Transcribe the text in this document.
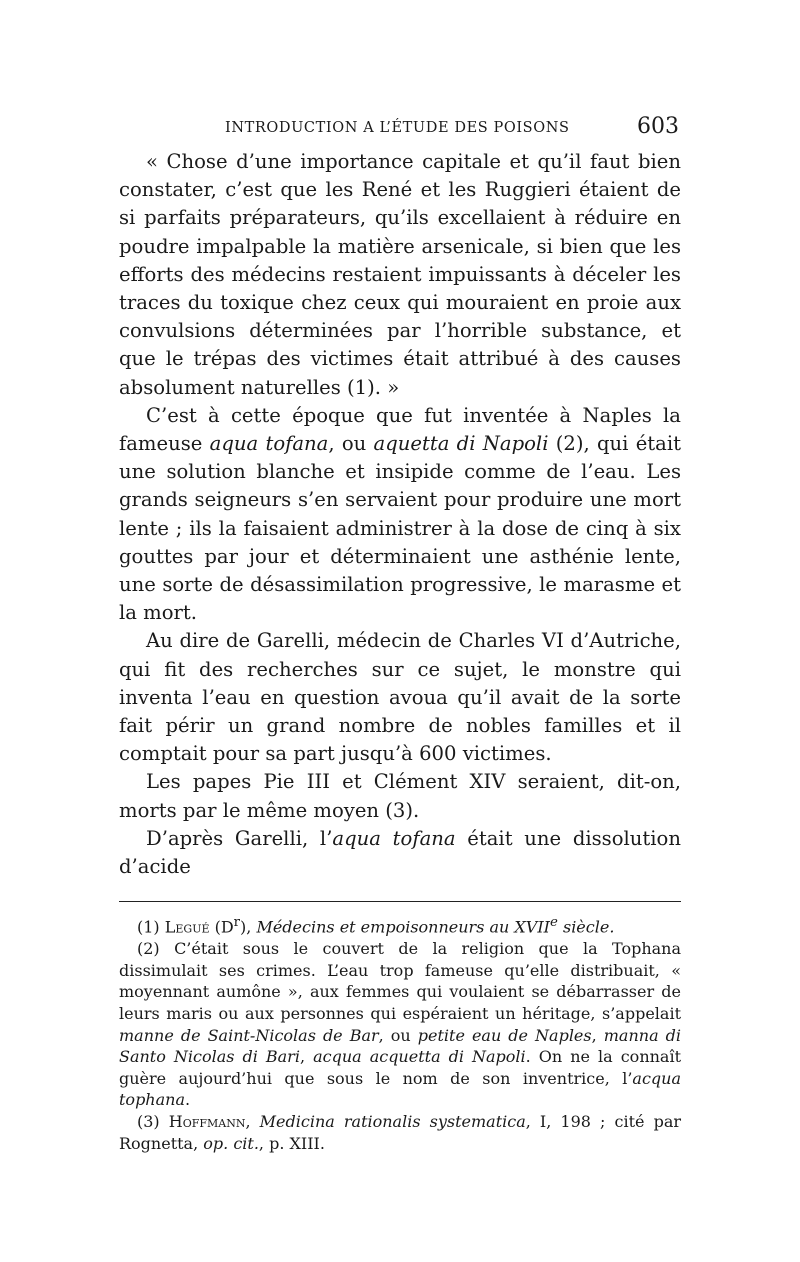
INTRODUCTION A L’ÉTUDE DES POISONS	603

« Chose d’une importance capitale et qu’il faut bien constater, c’est que les René et les Ruggieri étaient de si parfaits préparateurs, qu’ils excellaient à réduire en poudre impalpable la matière arsenicale, si bien que les efforts des médecins restaient impuissants à déceler les traces du toxique chez ceux qui mouraient en proie aux convulsions déterminées par l’horrible substance, et que le trépas des victimes était attribué à des causes absolument naturelles (1). »

C’est à cette époque que fut inventée à Naples la fameuse aqua tofana, ou aquetta di Napoli (2), qui était une solution blanche et insipide comme de l’eau. Les grands seigneurs s’en servaient pour produire une mort lente ; ils la faisaient administrer à la dose de cinq à six gouttes par jour et déterminaient une asthénie lente, une sorte de désassimilation progressive, le marasme et la mort.

Au dire de Garelli, médecin de Charles VI d’Autriche, qui fit des recherches sur ce sujet, le monstre qui inventa l’eau en question avoua qu’il avait de la sorte fait périr un grand nombre de nobles familles et il comptait pour sa part jusqu’à 600 victimes.

Les papes Pie III et Clément XIV seraient, dit-on, morts par le même moyen (3).

D’après Garelli, l’aqua tofana était une dissolution d’acide

(1) Legué $(D^r)$, Médecins et empoisonneurs au XVIIe siècle.

(2) C’était sous le couvert de la religion que la Tophana dissimulait ses crimes. L’eau trop fameuse qu’elle distribuait, « moyennant aumône », aux femmes qui voulaient se débarrasser de leurs maris ou aux personnes qui espéraient un héritage, s’appelait manne de Saint-Nicolas de Bar, ou petite eau de Naples, manna di Santo Nicolas di Bari, acqua acquetta di Napoli. On ne la connaît guère aujourd’hui que sous le nom de son inventrice, l’acqua tophana.

(3) Hoffmann, Medicina rationalis systematica, I, 198 ; cité par Rognetta, op. cit., p. XIII.
